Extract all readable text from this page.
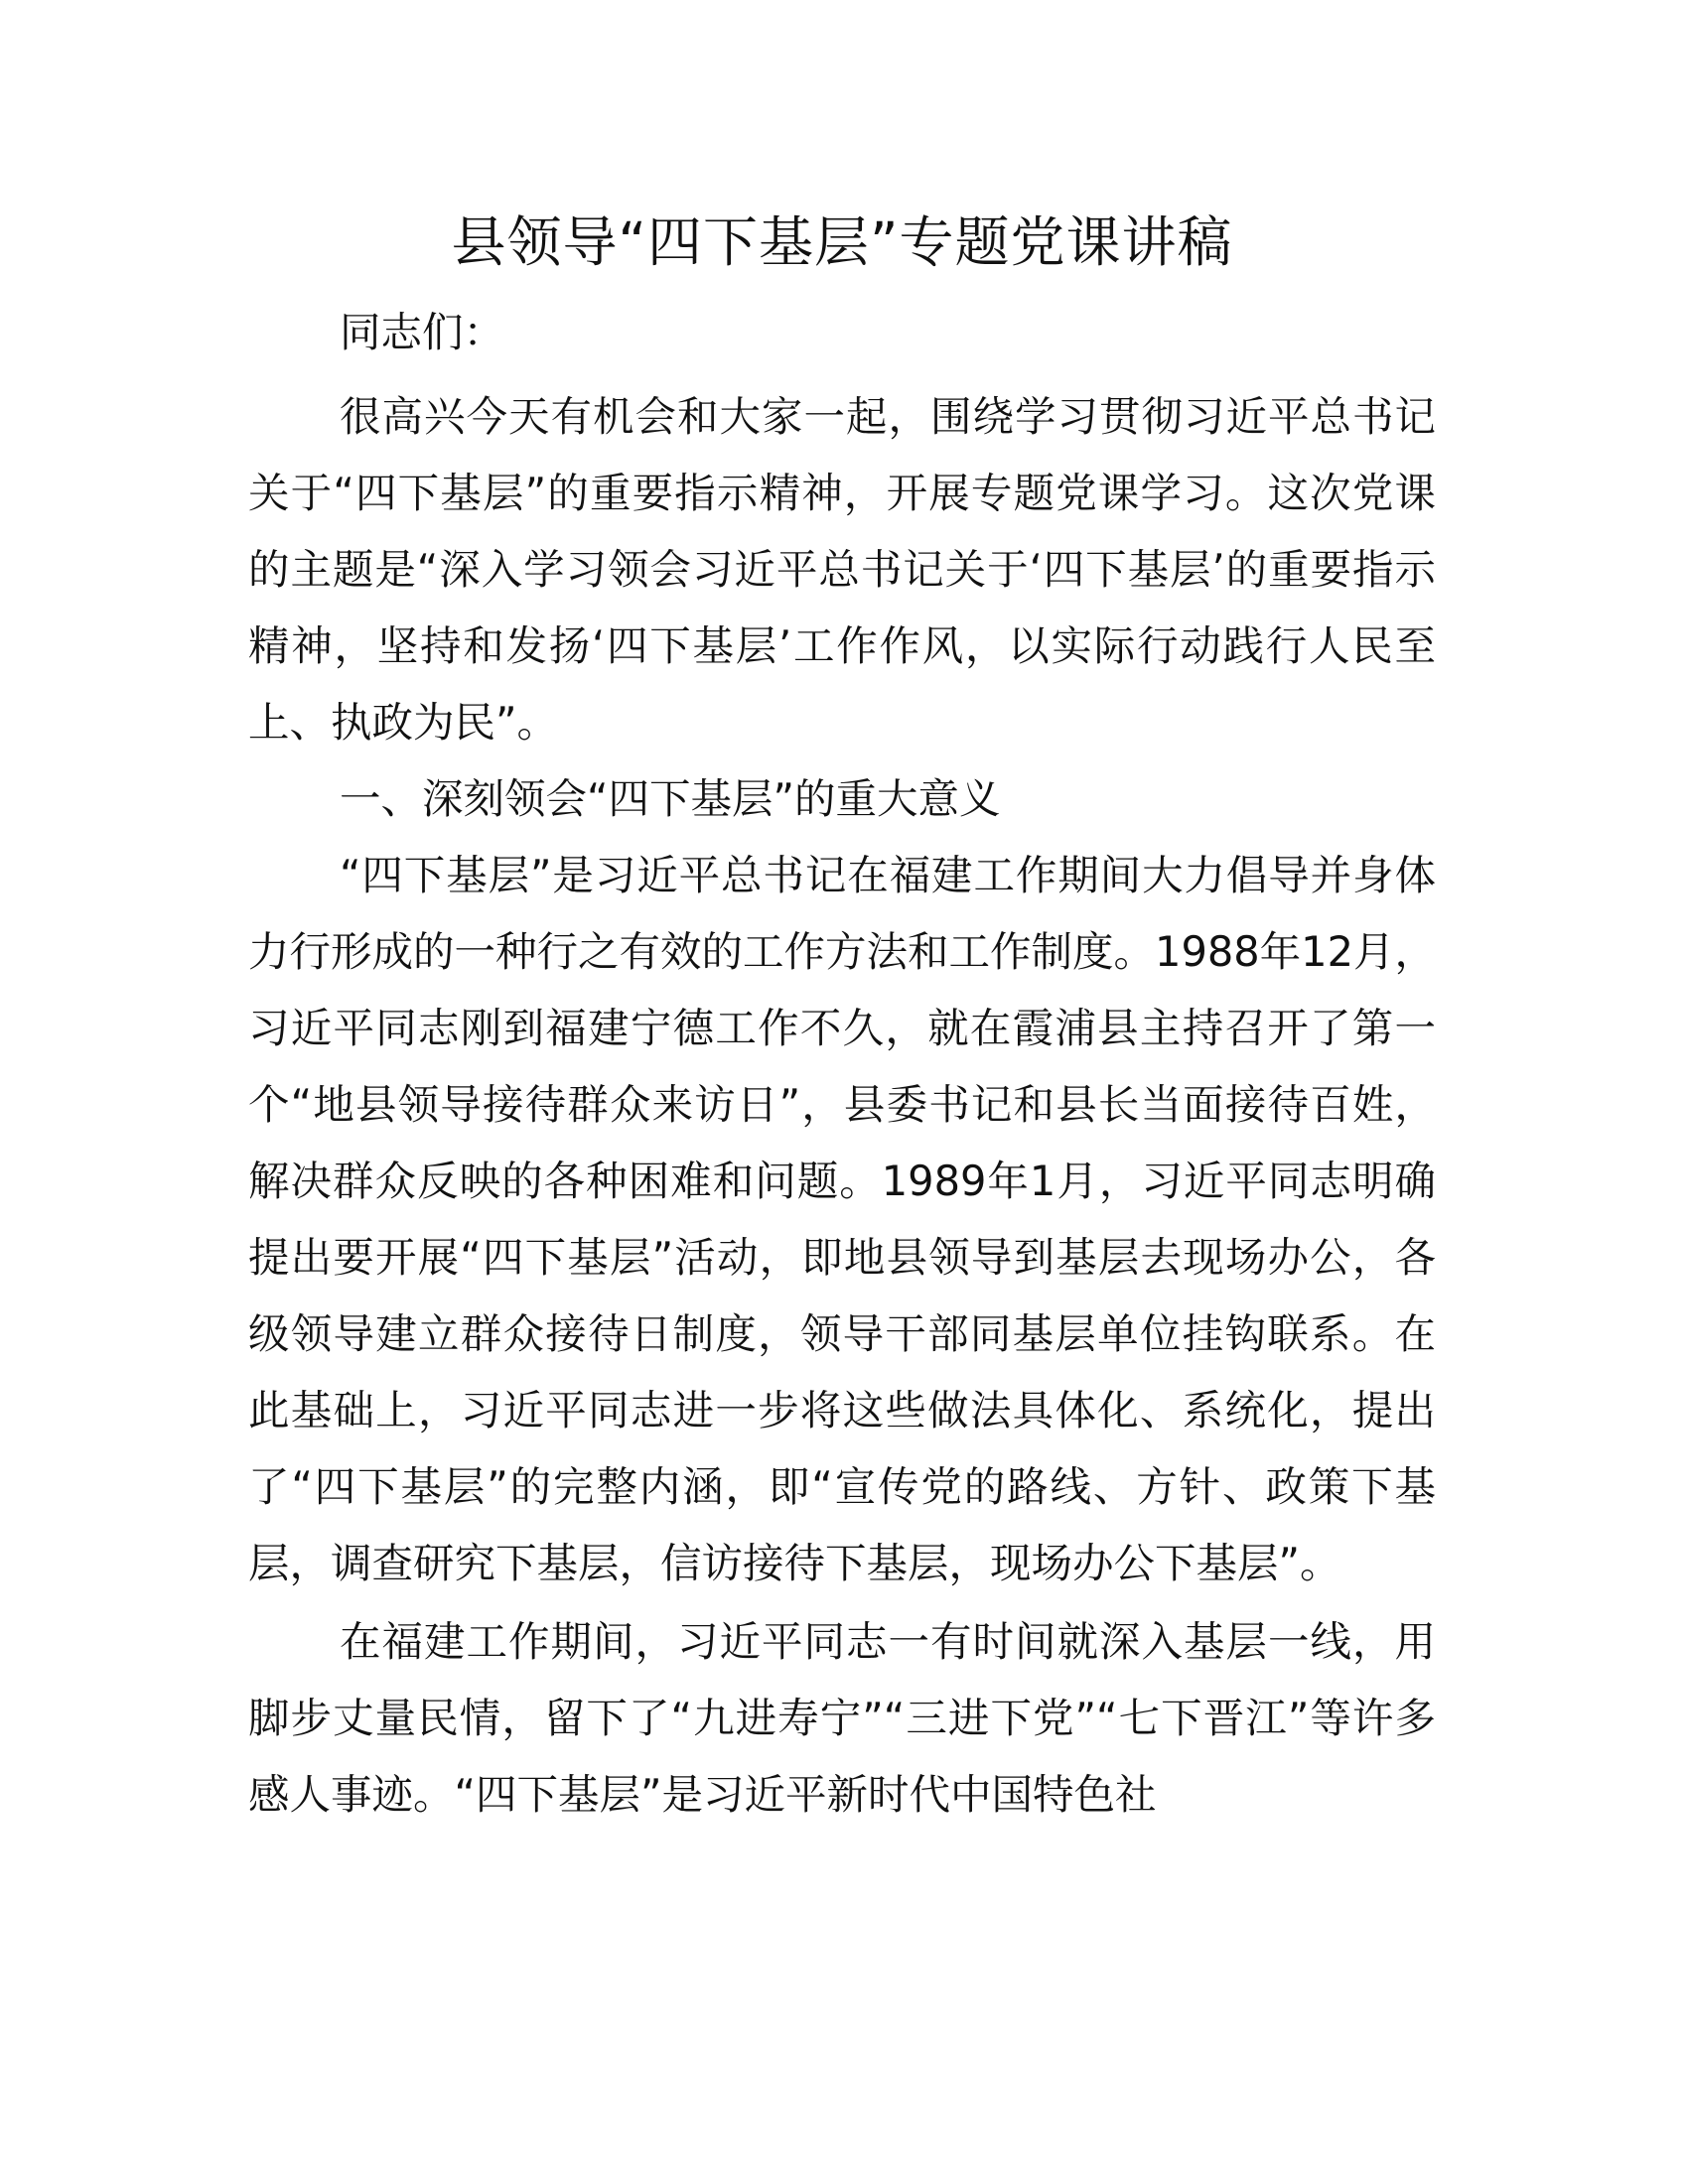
县领导“四下基层”专题党课讲稿

同志们：

很高兴今天有机会和大家一起，围绕学习贯彻习近平总书记关于“四下基层”的重要指示精神，开展专题党课学习。这次党课的主题是“深入学习领会习近平总书记关于‘四下基层’的重要指示精神，坚持和发扬‘四下基层’工作作风，以实际行动践行人民至上、执政为民”。

一、深刻领会“四下基层”的重大意义

“四下基层”是习近平总书记在福建工作期间大力倡导并身体力行形成的一种行之有效的工作方法和工作制度。1988年12月，习近平同志刚到福建宁德工作不久，就在霞浦县主持召开了第一个“地县领导接待群众来访日”，县委书记和县长当面接待百姓，解决群众反映的各种困难和问题。1989年1月，习近平同志明确提出要开展“四下基层”活动，即地县领导到基层去现场办公，各级领导建立群众接待日制度，领导干部同基层单位挂钩联系。在此基础上，习近平同志进一步将这些做法具体化、系统化，提出了“四下基层”的完整内涵，即“宣传党的路线、方针、政策下基层，调查研究下基层，信访接待下基层，现场办公下基层”。

在福建工作期间，习近平同志一有时间就深入基层一线，用脚步丈量民情，留下了“九进寿宁”“三进下党”“七下晋江”等许多感人事迹。“四下基层”是习近平新时代中国特色社
